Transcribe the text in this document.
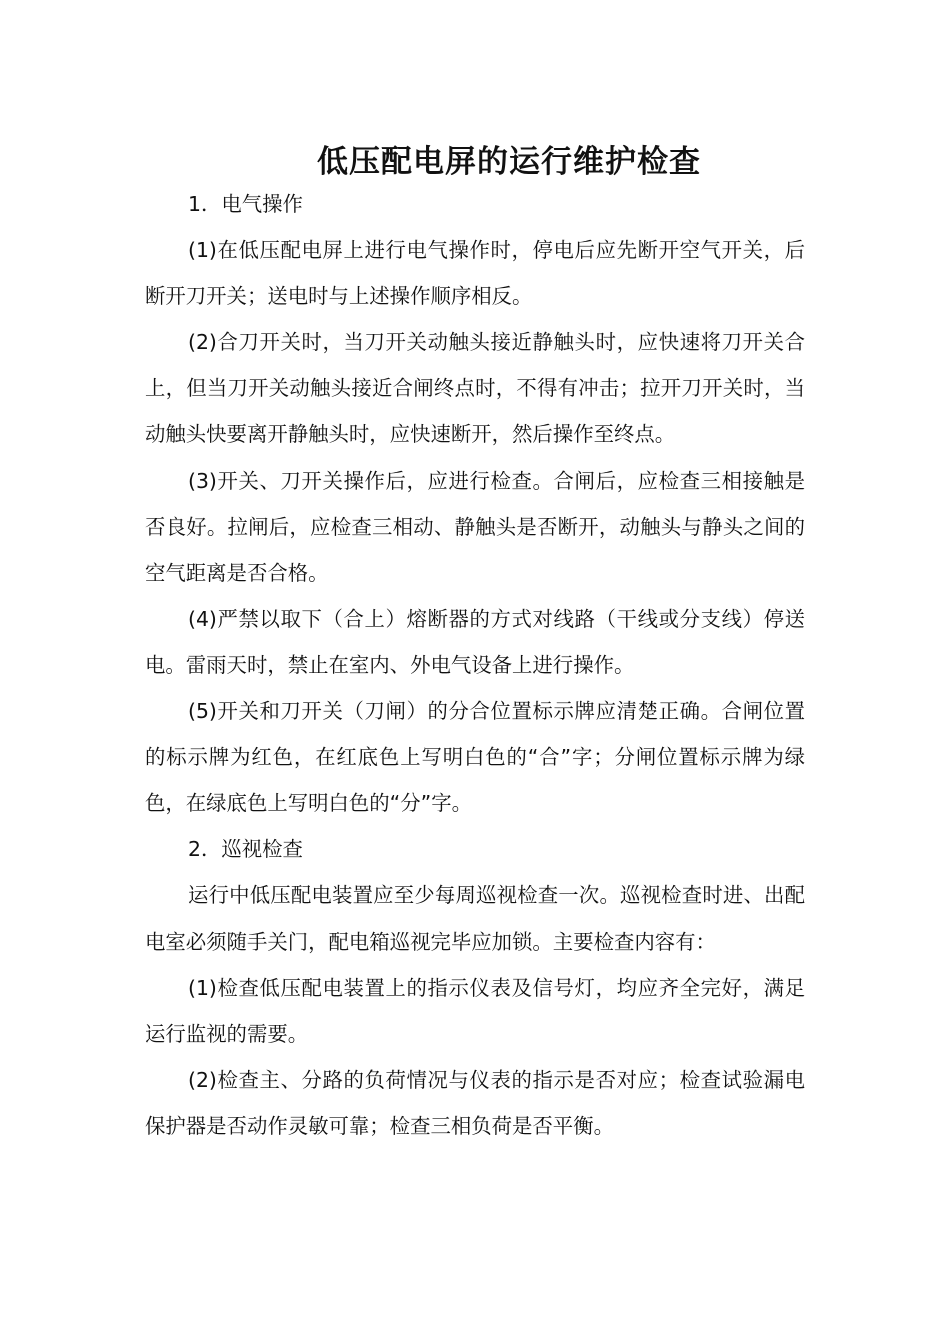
低压配电屏的运行维护检查

1．电气操作

(1)在低压配电屏上进行电气操作时，停电后应先断开空气开关，后断开刀开关；送电时与上述操作顺序相反。

(2)合刀开关时，当刀开关动触头接近静触头时，应快速将刀开关合上，但当刀开关动触头接近合闸终点时，不得有冲击；拉开刀开关时，当动触头快要离开静触头时，应快速断开，然后操作至终点。

(3)开关、刀开关操作后，应进行检查。合闸后，应检查三相接触是否良好。拉闸后，应检查三相动、静触头是否断开，动触头与静头之间的空气距离是否合格。

(4)严禁以取下（合上）熔断器的方式对线路（干线或分支线）停送电。雷雨天时，禁止在室内、外电气设备上进行操作。

(5)开关和刀开关（刀闸）的分合位置标示牌应清楚正确。合闸位置的标示牌为红色，在红底色上写明白色的“合”字；分闸位置标示牌为绿色，在绿底色上写明白色的“分”字。

2．巡视检查

运行中低压配电装置应至少每周巡视检查一次。巡视检查时进、出配电室必须随手关门，配电箱巡视完毕应加锁。主要检查内容有：

(1)检查低压配电装置上的指示仪表及信号灯，均应齐全完好，满足运行监视的需要。

(2)检查主、分路的负荷情况与仪表的指示是否对应；检查试验漏电保护器是否动作灵敏可靠；检查三相负荷是否平衡。
